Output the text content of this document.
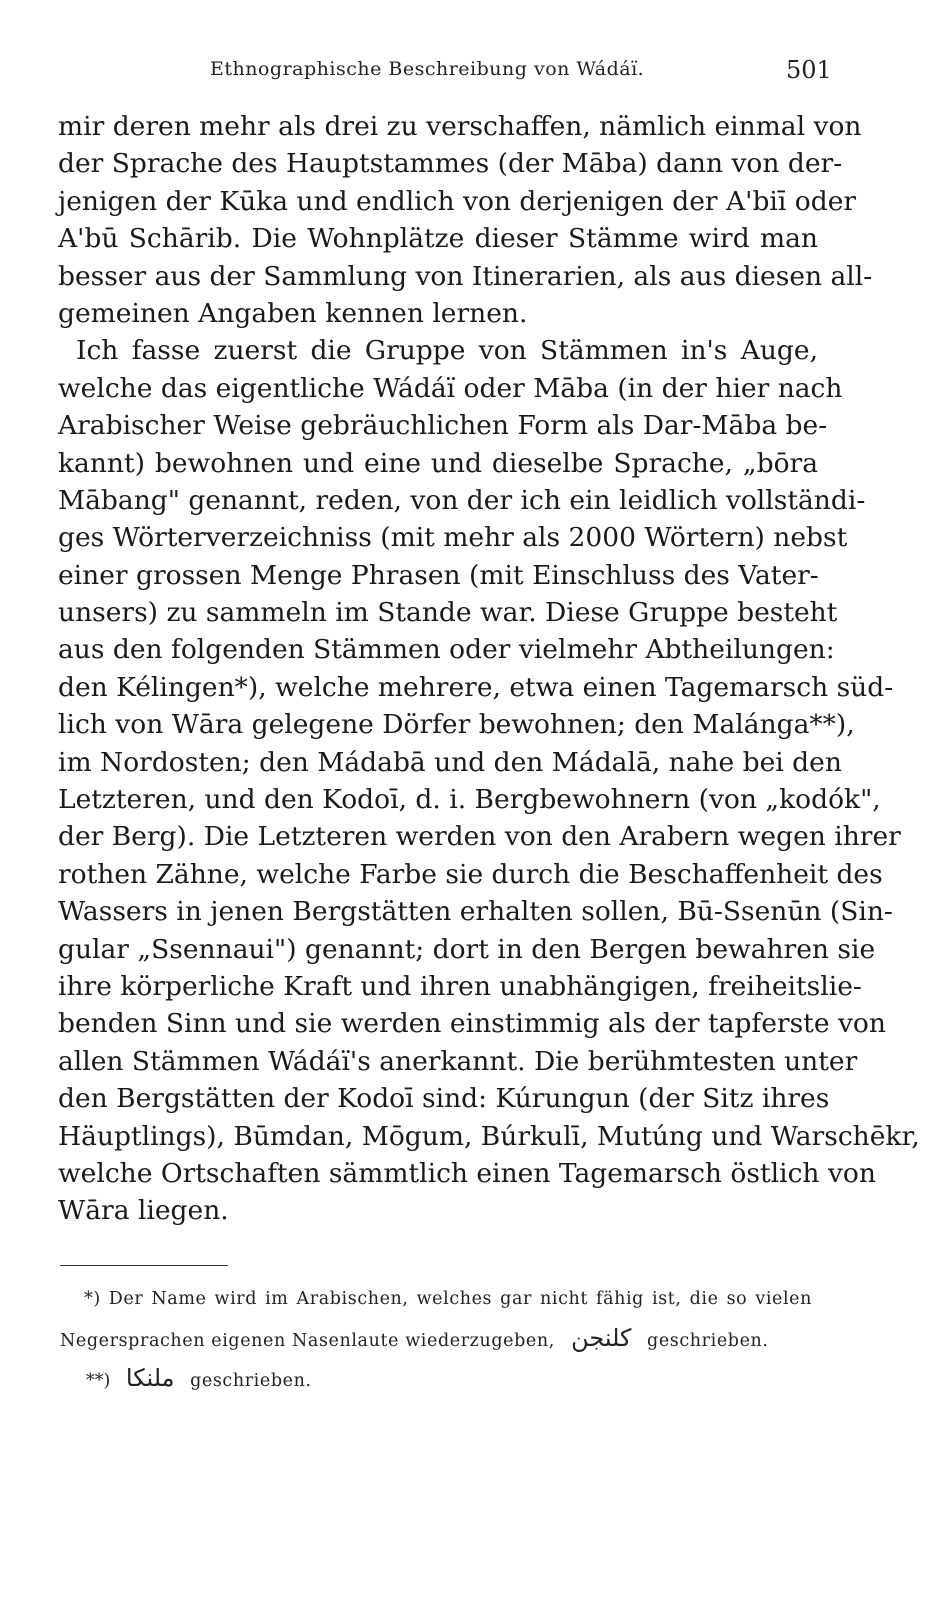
Ethnographische Beschreibung von Wádáï.	501
mir deren mehr als drei zu verschaffen, nämlich einmal von
der Sprache des Hauptstammes (der Māba) dann von der-
jenigen der Kūka und endlich von derjenigen der A'biī oder
A'bū Schārib. Die Wohnplätze dieser Stämme wird man
besser aus der Sammlung von Itinerarien, als aus diesen all-
gemeinen Angaben kennen lernen.
Ich fasse zuerst die Gruppe von Stämmen in's Auge,
welche das eigentliche Wádáï oder Māba (in der hier nach
Arabischer Weise gebräuchlichen Form als Dar-Māba be-
kannt) bewohnen und eine und dieselbe Sprache, „bōra
Mābang" genannt, reden, von der ich ein leidlich vollständi-
ges Wörterverzeichniss (mit mehr als 2000 Wörtern) nebst
einer grossen Menge Phrasen (mit Einschluss des Vater-
unsers) zu sammeln im Stande war. Diese Gruppe besteht
aus den folgenden Stämmen oder vielmehr Abtheilungen:
den Kélingen*), welche mehrere, etwa einen Tagemarsch süd-
lich von Wāra gelegene Dörfer bewohnen; den Malánga**),
im Nordosten; den Mádabā und den Mádalā, nahe bei den
Letzteren, und den Kodoī, d. i. Bergbewohnern (von „kodók",
der Berg). Die Letzteren werden von den Arabern wegen ihrer
rothen Zähne, welche Farbe sie durch die Beschaffenheit des
Wassers in jenen Bergstätten erhalten sollen, Bū-Ssenūn (Sin-
gular „Ssennaui") genannt; dort in den Bergen bewahren sie
ihre körperliche Kraft und ihren unabhängigen, freiheitslie-
benden Sinn und sie werden einstimmig als der tapferste von
allen Stämmen Wádáï's anerkannt. Die berühmtesten unter
den Bergstätten der Kodoī sind: Kúrungun (der Sitz ihres
Häuptlings), Būmdan, Mōgum, Búrkulī, Mutúng und Warschēkr,
welche Ortschaften sämmtlich einen Tagemarsch östlich von
Wāra liegen.
*) Der Name wird im Arabischen, welches gar nicht fähig ist, die so vielen
Negersprachen eigenen Nasenlaute wiederzugeben, كلنجن geschrieben.
**) ملنكا geschrieben.
